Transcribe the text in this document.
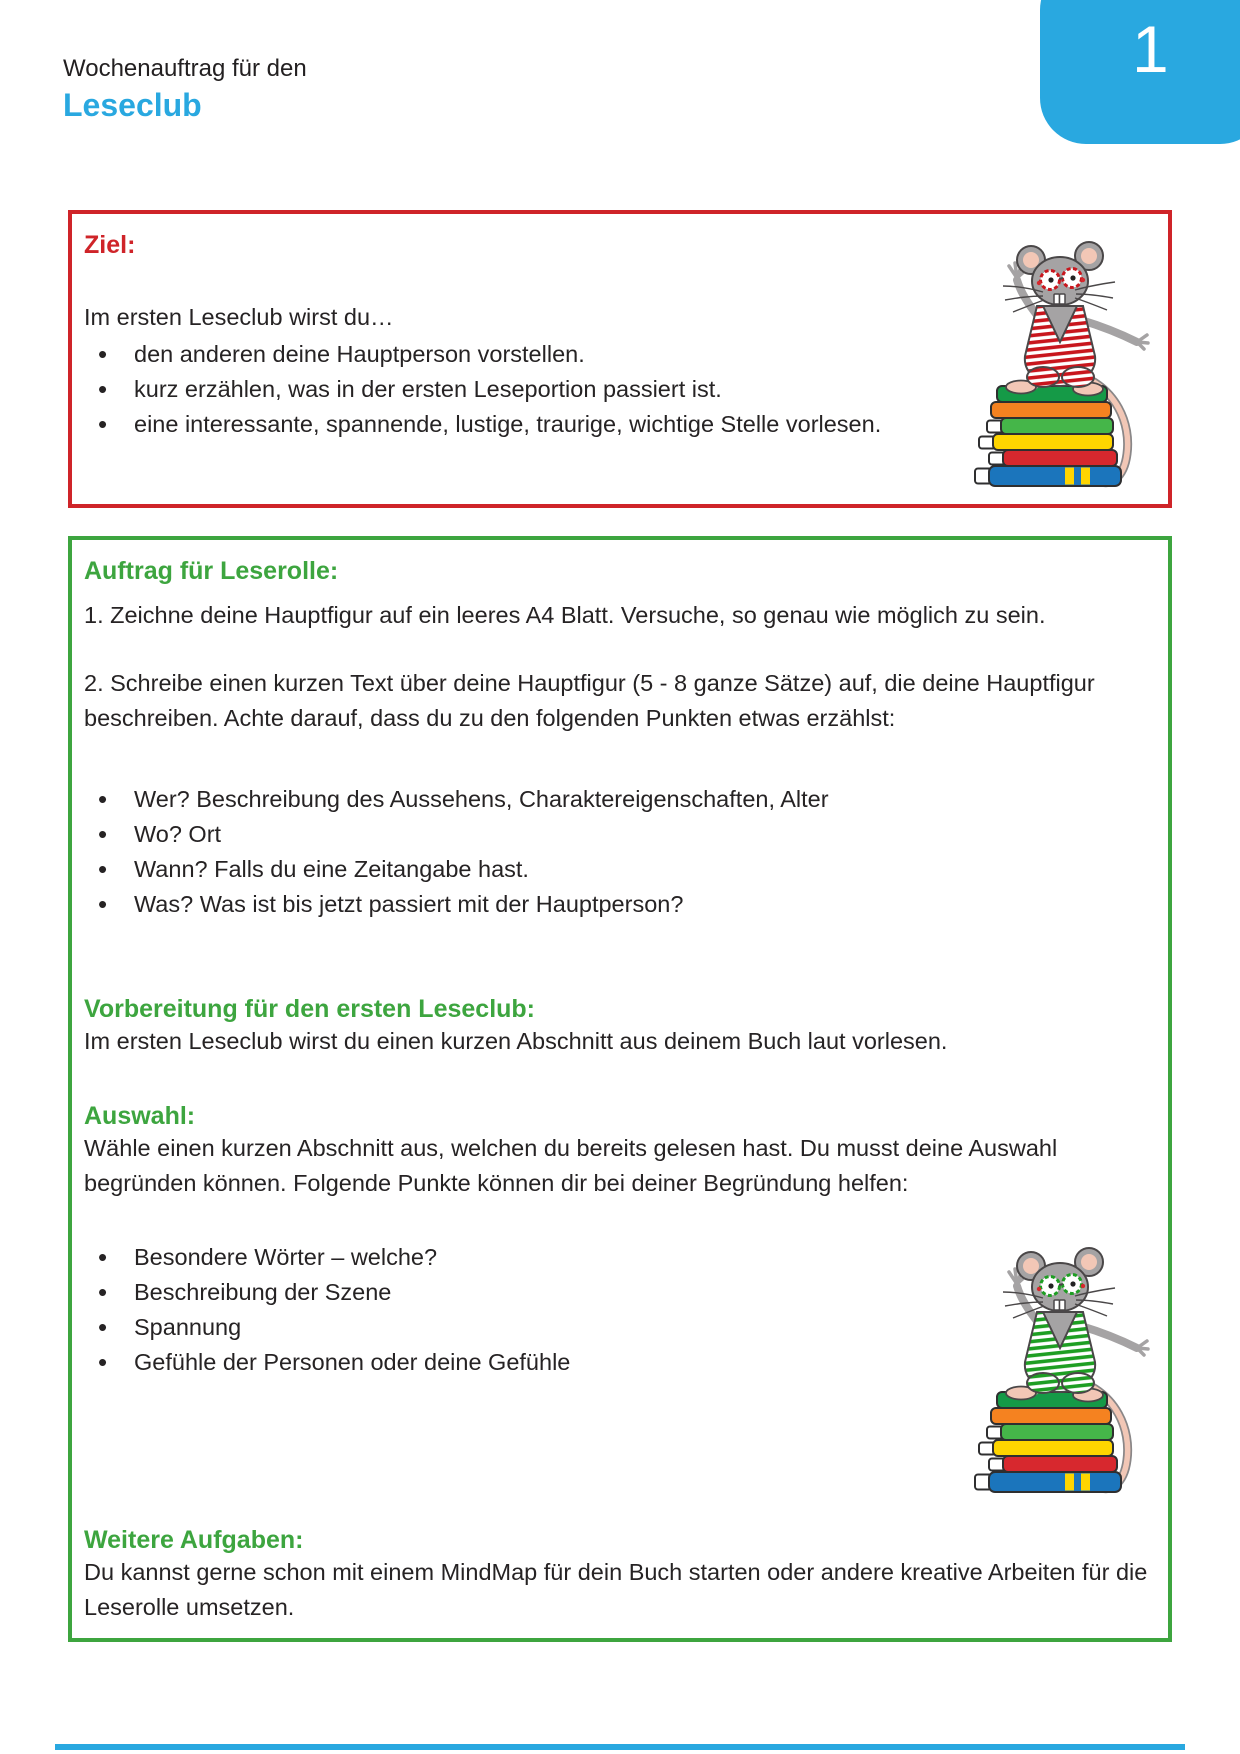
1
Wochenauftrag für den
Leseclub
Ziel:

Im ersten Leseclub wirst du…

• den anderen deine Hauptperson vorstellen.
• kurz erzählen, was in der ersten Leseportion passiert ist.
• eine interessante, spannende, lustige, traurige, wichtige Stelle vorlesen.
Auftrag für Leserolle:

1. Zeichne deine Hauptfigur auf ein leeres A4 Blatt. Versuche, so genau wie möglich zu sein.

2. Schreibe einen kurzen Text über deine Hauptfigur (5 - 8 ganze Sätze) auf, die deine Hauptfigur beschreiben. Achte darauf, dass du zu den folgenden Punkten etwas erzählst:

• Wer? Beschreibung des Aussehens, Charaktereigenschaften, Alter
• Wo? Ort
• Wann? Falls du eine Zeitangabe hast.
• Was? Was ist bis jetzt passiert mit der Hauptperson?
Vorbereitung für den ersten Leseclub:

Im ersten Leseclub wirst du einen kurzen Abschnitt aus deinem Buch laut vorlesen.

Auswahl:

Wähle einen kurzen Abschnitt aus, welchen du bereits gelesen hast. Du musst deine Auswahl begründen können. Folgende Punkte können dir bei deiner Begründung helfen:

• Besondere Wörter – welche?
• Beschreibung der Szene
• Spannung
• Gefühle der Personen oder deine Gefühle
Weitere Aufgaben:

Du kannst gerne schon mit einem MindMap für dein Buch starten oder andere kreative Arbeiten für die Leserolle umsetzen.
